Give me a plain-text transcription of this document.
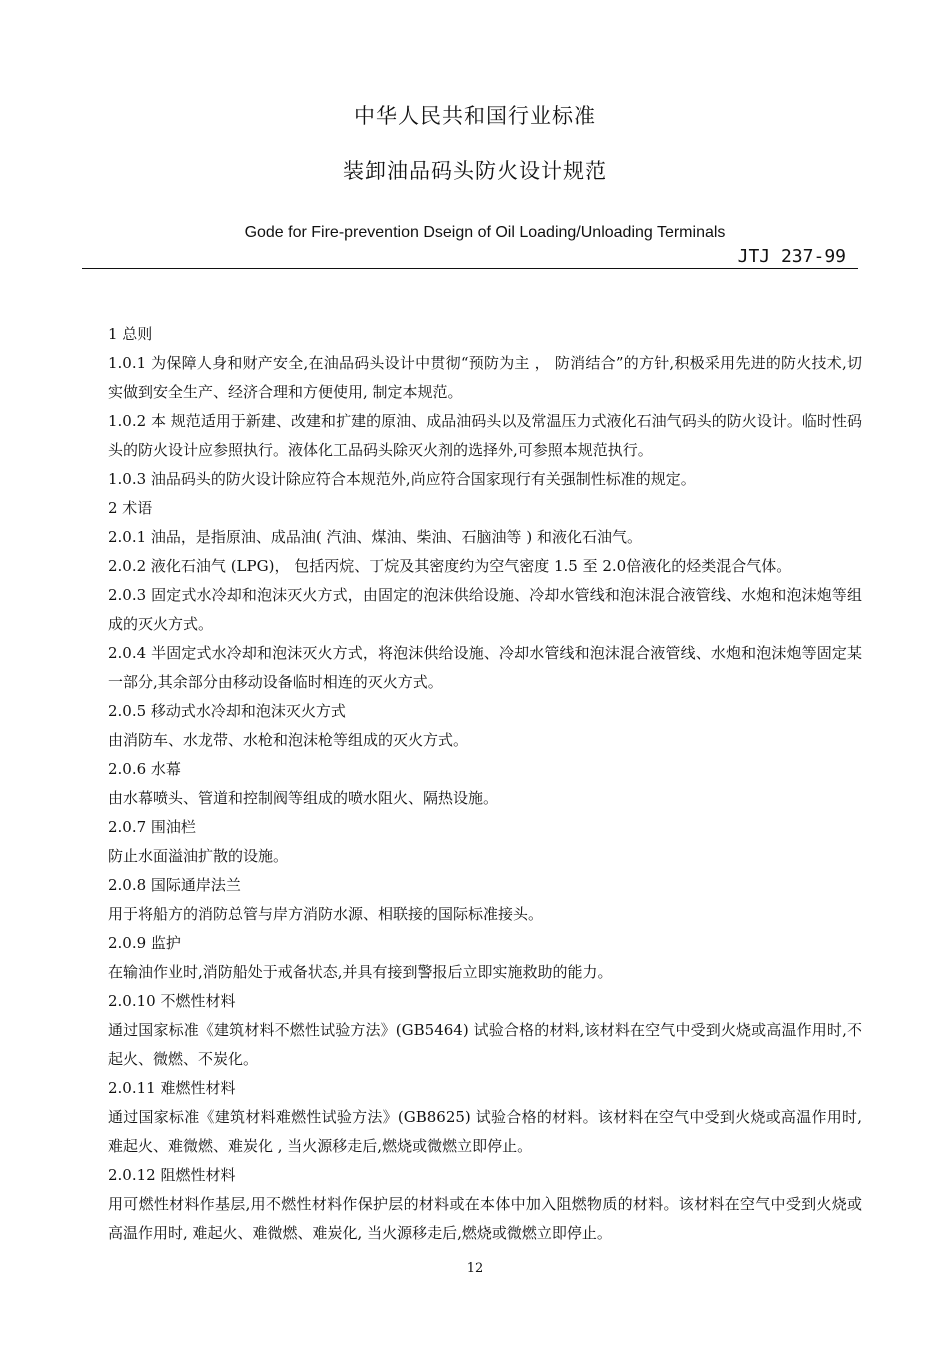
中华人民共和国行业标准
装卸油品码头防火设计规范
Gode for Fire-prevention Dseign of Oil Loading/Unloading Terminals
JTJ 237-99

1 总则

1.0.1 为保障人身和财产安全,在油品码头设计中贯彻“预防为主 ， 防消结合”的方针,积极采用先进的防火技术,切实做到安全生产、经济合理和方便使用, 制定本规范。

1.0.2 本 规范适用于新建、改建和扩建的原油、成品油码头以及常温压力式液化石油气码头的防火设计。临时性码头的防火设计应参照执行。液体化工品码头除灭火剂的选择外,可参照本规范执行。

1.0.3 油品码头的防火设计除应符合本规范外,尚应符合国家现行有关强制性标准的规定。

2 术语

2.0.1 油品，是指原油、成品油( 汽油、煤油、柴油、石脑油等 ) 和液化石油气。

2.0.2 液化石油气 (LPG)， 包括丙烷、丁烷及其密度约为空气密度 1.5 至 2.0倍液化的烃类混合气体。

2.0.3 固定式水冷却和泡沫灭火方式，由固定的泡沫供给设施、冷却水管线和泡沫混合液管线、水炮和泡沫炮等组成的灭火方式。

2.0.4 半固定式水冷却和泡沫灭火方式，将泡沫供给设施、冷却水管线和泡沫混合液管线、水炮和泡沫炮等固定某一部分,其余部分由移动设备临时相连的灭火方式。

2.0.5 移动式水冷却和泡沫灭火方式

由消防车、水龙带、水枪和泡沫枪等组成的灭火方式。

2.0.6 水幕

由水幕喷头、管道和控制阀等组成的喷水阻火、隔热设施。

2.0.7 围油栏

防止水面溢油扩散的设施。

2.0.8 国际通岸法兰

用于将船方的消防总管与岸方消防水源、相联接的国际标准接头。

2.0.9 监护

在输油作业时,消防船处于戒备状态,并具有接到警报后立即实施救助的能力。

2.0.10 不燃性材料

通过国家标准《建筑材料不燃性试验方法》(GB5464) 试验合格的材料,该材料在空气中受到火烧或高温作用时,不起火、微燃、不炭化。

2.0.11 难燃性材料

通过国家标准《建筑材料难燃性试验方法》(GB8625) 试验合格的材料。该材料在空气中受到火烧或高温作用时, 难起火、难微燃、难炭化 , 当火源移走后,燃烧或微燃立即停止。

2.0.12 阻燃性材料

用可燃性材料作基层,用不燃性材料作保护层的材料或在本体中加入阻燃物质的材料。该材料在空气中受到火烧或高温作用时, 难起火、难微燃、难炭化, 当火源移走后,燃烧或微燃立即停止。

12
